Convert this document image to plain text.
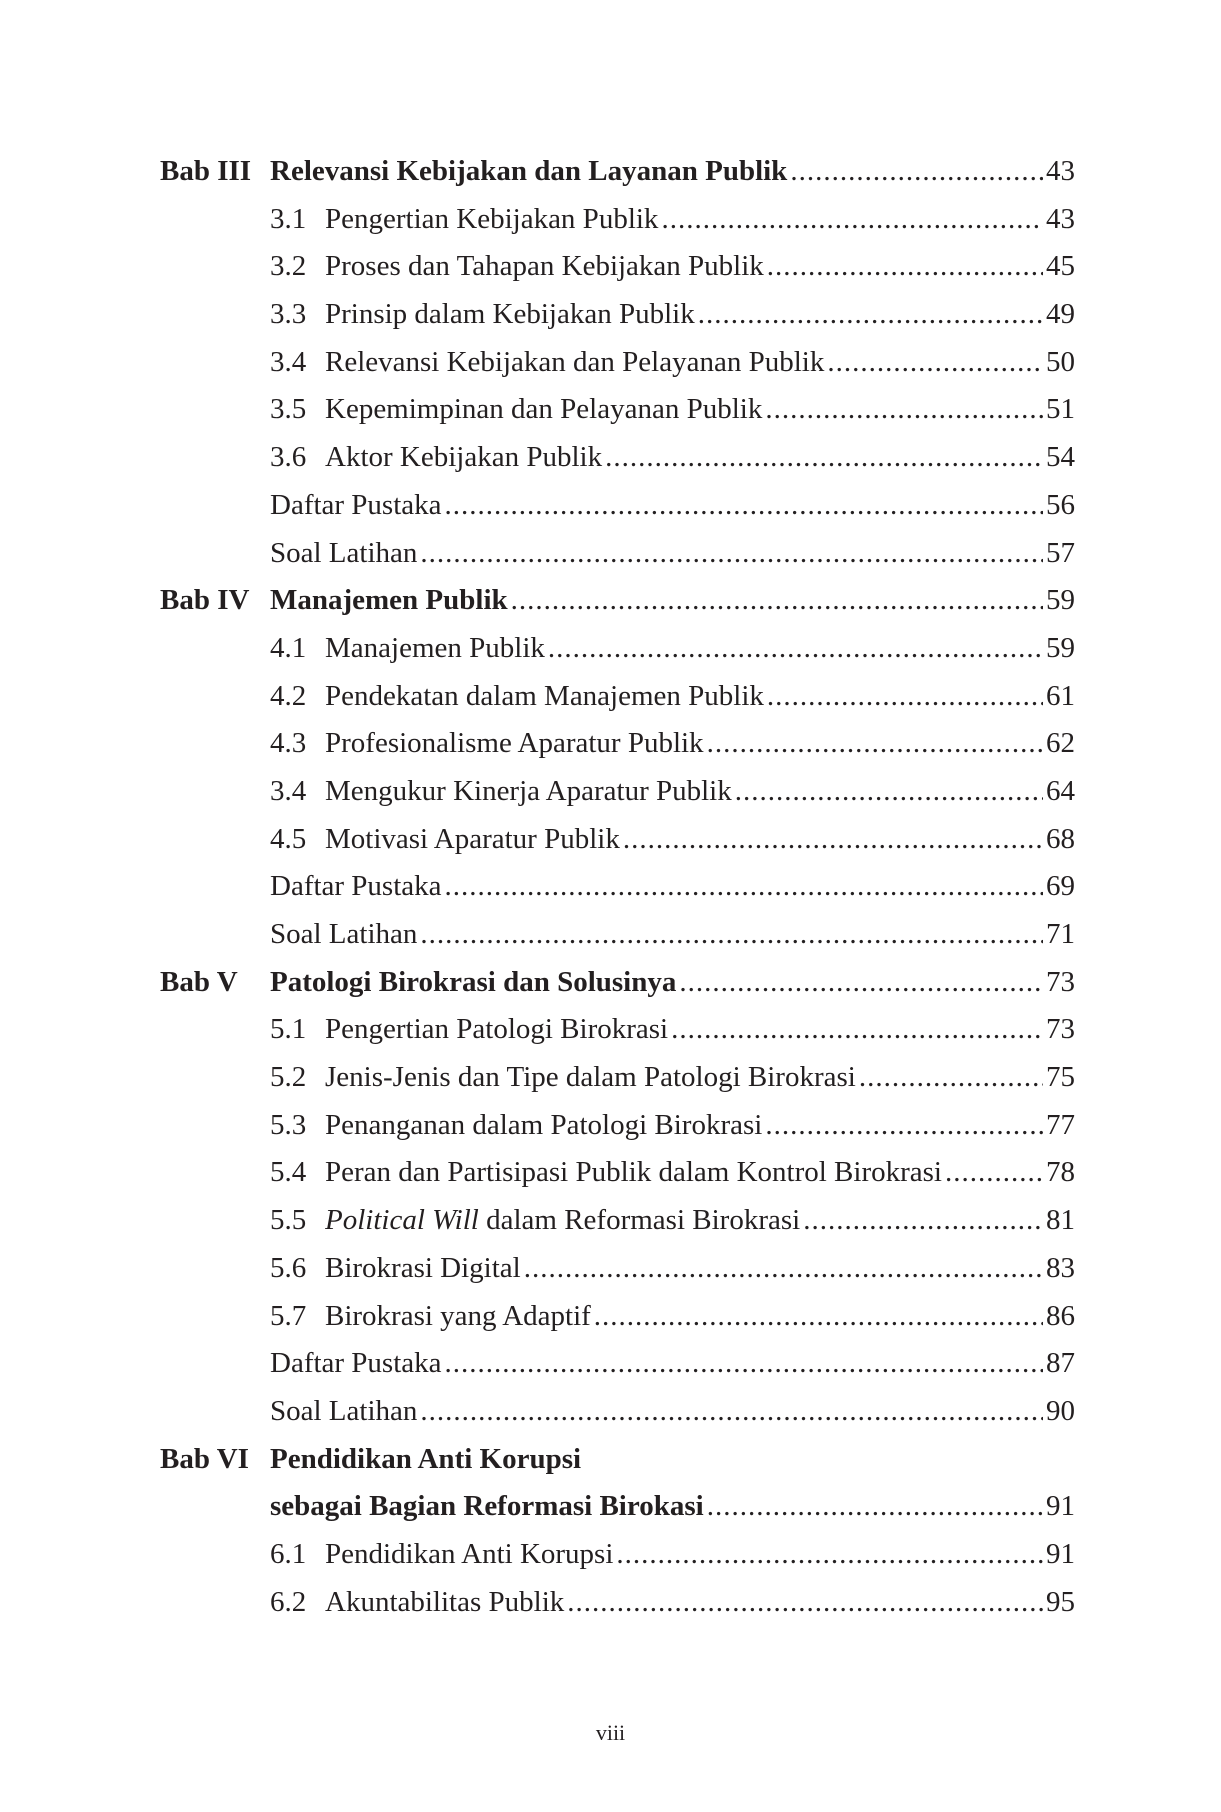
Bab III Relevansi Kebijakan dan Layanan Publik .....	43
3.1 Pengertian Kebijakan Publik .....	43
3.2 Proses dan Tahapan Kebijakan Publik .....	45
3.3 Prinsip dalam Kebijakan Publik .....	49
3.4 Relevansi Kebijakan dan Pelayanan Publik .....	50
3.5 Kepemimpinan dan Pelayanan Publik .....	51
3.6 Aktor Kebijakan Publik .....	54
Daftar Pustaka .....	56
Soal Latihan .....	57
Bab IV Manajemen Publik .....	59
4.1 Manajemen Publik .....	59
4.2 Pendekatan dalam Manajemen Publik .....	61
4.3 Profesionalisme Aparatur Publik .....	62
3.4 Mengukur Kinerja Aparatur Publik .....	64
4.5 Motivasi Aparatur Publik .....	68
Daftar Pustaka .....	69
Soal Latihan .....	71
Bab V	Patologi Birokrasi dan Solusinya .....	73
5.1 Pengertian Patologi Birokrasi .....	73
5.2 Jenis-Jenis dan Tipe dalam Patologi Birokrasi .....	75
5.3 Penanganan dalam Patologi Birokrasi .....	77
5.4 Peran dan Partisipasi Publik dalam Kontrol Birokrasi .....	78
5.5 Political Will dalam Reformasi Birokrasi .....	81
5.6 Birokrasi Digital .....	83
5.7 Birokrasi yang Adaptif .....	86
Daftar Pustaka .....	87
Soal Latihan .....	90
Bab VI Pendidikan Anti Korupsi
sebagai Bagian Reformasi Birokasi .....	91
6.1 Pendidikan Anti Korupsi .....	91
6.2 Akuntabilitas Publik .....	95
viii
